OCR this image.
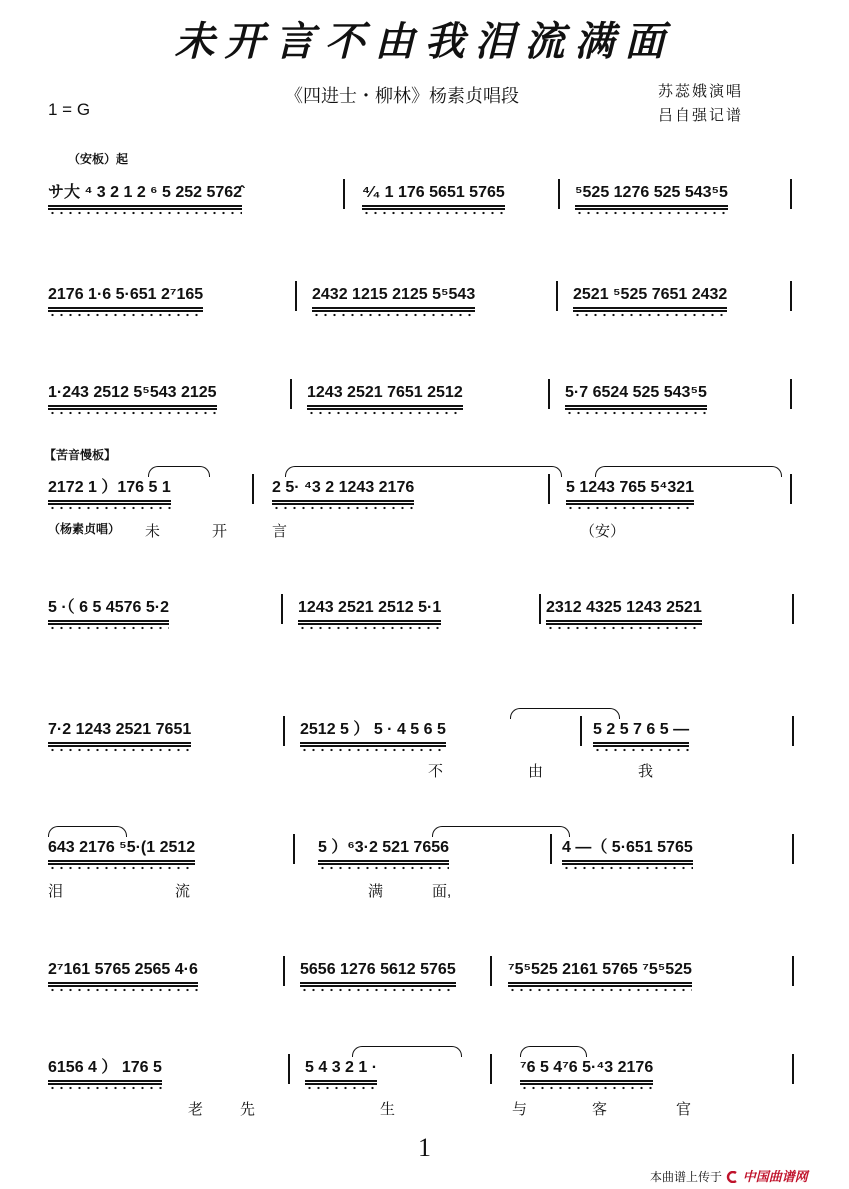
未开言不由我泪流满面
《四进士・柳林》杨素贞唱段	苏蕊娥演唱
吕自强记谱
1 = G
（安板）起
【苦音慢板】
サ大 ⁴ 3 2 1 2 ⁶ 5 252 5762̂	⁴⁄₄ 1 176 5651 5765	⁵525 1276 525 543⁵5
2176 1·6 5·651 2⁷165	2432 1215 2125 5⁵543	2521 ⁵525 7651 2432
1·243 2512 5⁵543 2125	1243 2521 7651 2512	5·7 6524 525 543⁵5
2172 1 ）176 5 1	2 5· ⁴3 2 1243 2176	5 1243 765 5⁴321
5 ·（ 6 5 4576 5·2	1243 2521 2512 5·1	2312 4325 1243 2521
7·2 1243 2521 7651	2512 5 ） 5 · 4 5 6 5	5 2 5 7 6 5 —
643 2176 ⁵5·(1 2512	5 ）⁶3·2 521 7656	4 —（ 5·651 5765
2⁷161 5765 2565 4·6	5656 1276 5612 5765	⁷5⁵525 2161 5765 ⁷5⁵525
6156 4 ） 176 5	5 4 3 2 1 ·	⁷6 5 4⁷6 5·⁴3 2176
（杨素贞唱） 未	开	言	（安）
不	由	我
泪	流	满	面,
老 先	生	与	客	官
1
本曲谱上传于 中国曲谱网
